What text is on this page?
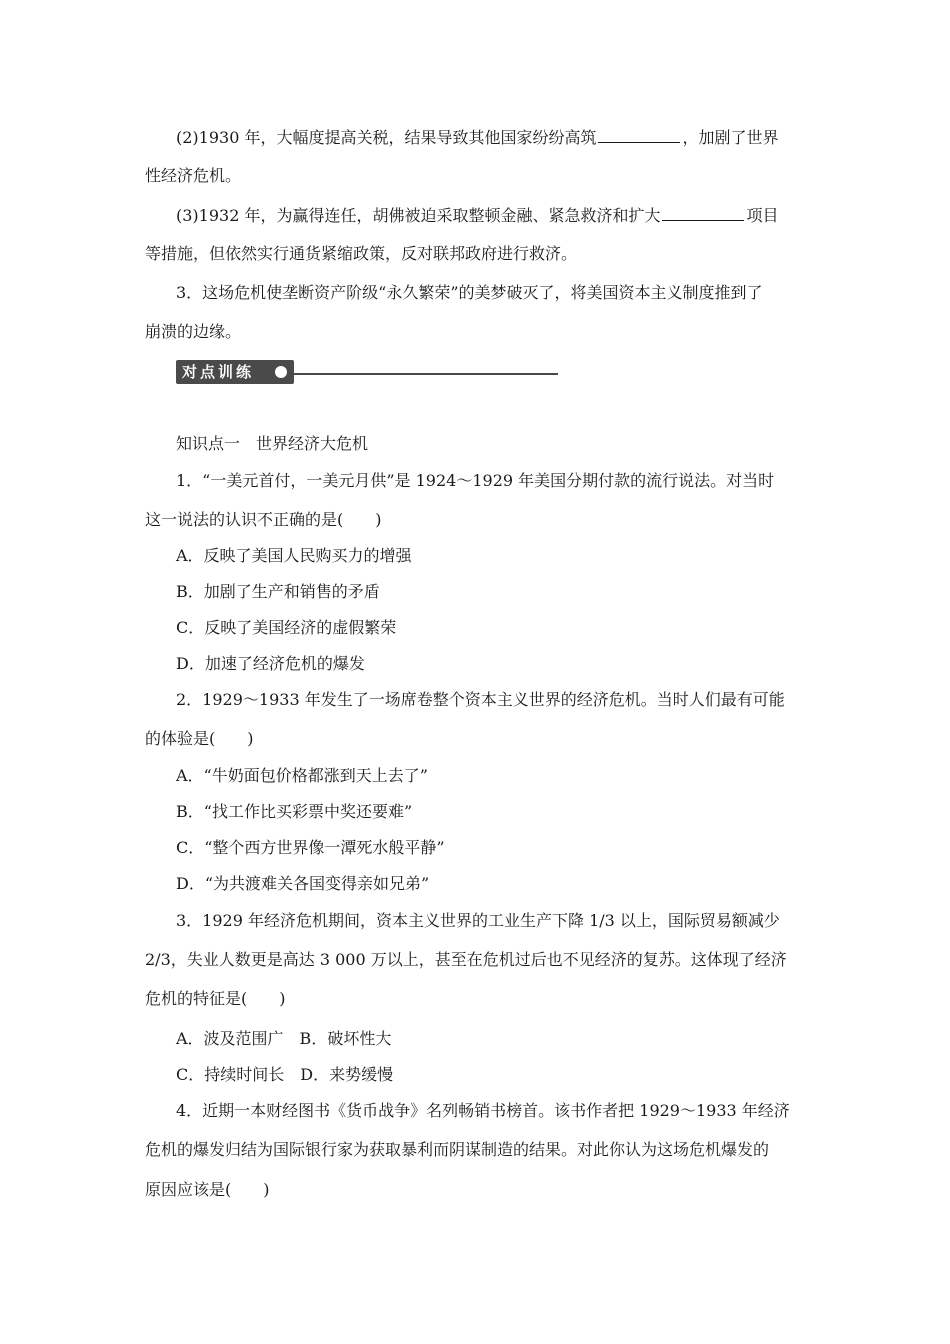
(2)1930 年，大幅度提高关税，结果导致其他国家纷纷高筑	，加剧了世界
性经济危机。
(3)1932 年，为赢得连任，胡佛被迫采取整顿金融、紧急救济和扩大	项目
等措施，但依然实行通货紧缩政策，反对联邦政府进行救济。
3．这场危机使垄断资产阶级“永久繁荣”的美梦破灭了，将美国资本主义制度推到了
崩溃的边缘。
对点训练
知识点一　世界经济大危机
1．“一美元首付，一美元月供”是 1924～1929 年美国分期付款的流行说法。对当时
这一说法的认识不正确的是(　　)
A．反映了美国人民购买力的增强
B．加剧了生产和销售的矛盾
C．反映了美国经济的虚假繁荣
D．加速了经济危机的爆发
2．1929～1933 年发生了一场席卷整个资本主义世界的经济危机。当时人们最有可能
的体验是(　　)
A．“牛奶面包价格都涨到天上去了”
B．“找工作比买彩票中奖还要难”
C．“整个西方世界像一潭死水般平静”
D．“为共渡难关各国变得亲如兄弟”
3．1929 年经济危机期间，资本主义世界的工业生产下降 1/3 以上，国际贸易额减少
2/3，失业人数更是高达 3 000 万以上，甚至在危机过后也不见经济的复苏。这体现了经济
危机的特征是(　　)
A．波及范围广　B．破坏性大
C．持续时间长　D．来势缓慢
4．近期一本财经图书《货币战争》名列畅销书榜首。该书作者把 1929～1933 年经济
危机的爆发归结为国际银行家为获取暴利而阴谋制造的结果。对此你认为这场危机爆发的
原因应该是(　　)
